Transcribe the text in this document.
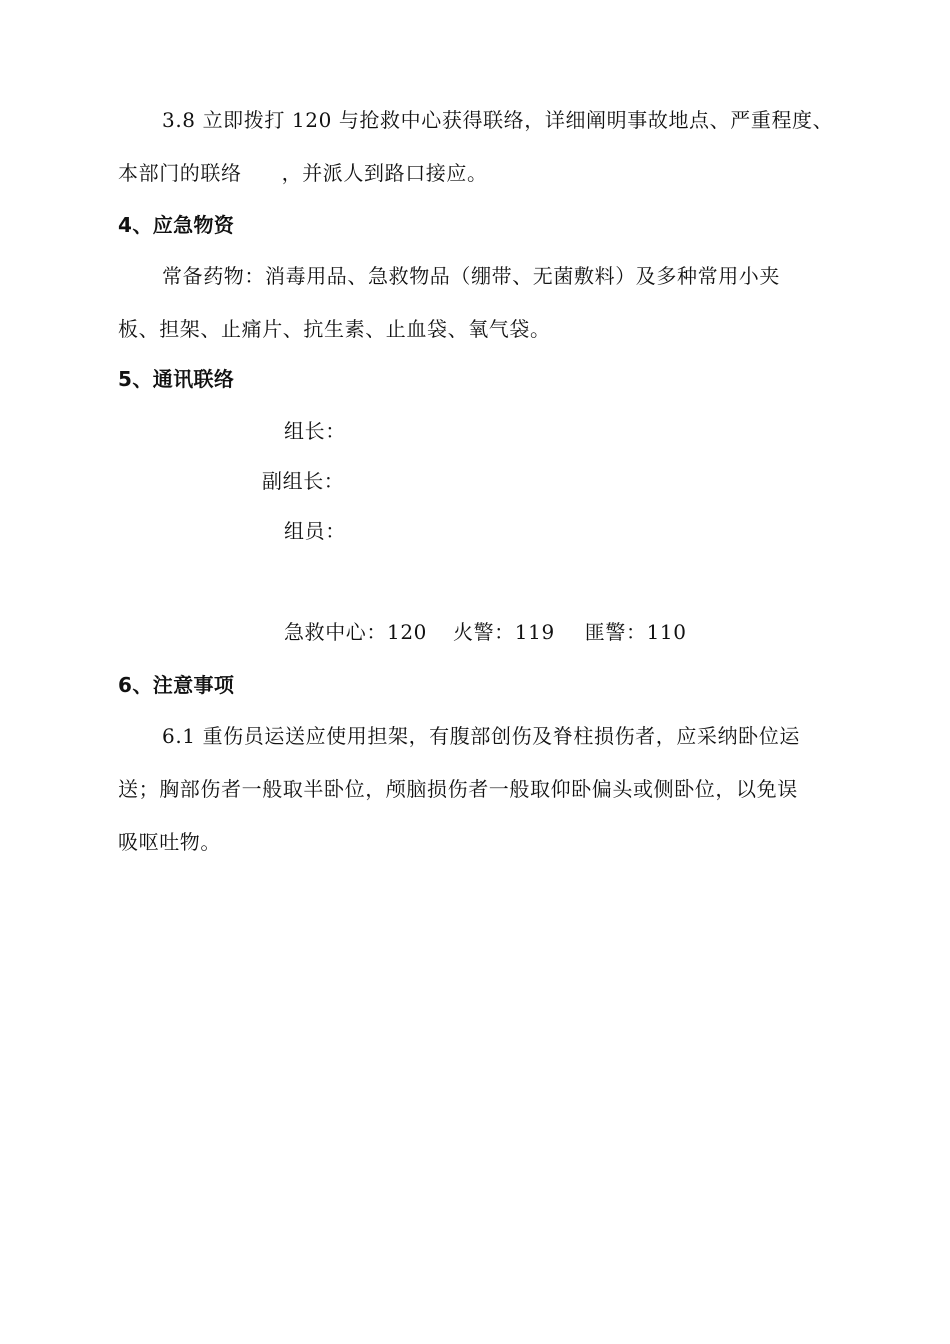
3.8 立即拨打 120 与抢救中心获得联络，详细阐明事故地点、严重程度、
本部门的联络 ，并派人到路口接应。
4、应急物资
常备药物：消毒用品、急救物品（绷带、无菌敷料）及多种常用小夹
板、担架、止痛片、抗生素、止血袋、氧气袋。
5、通讯联络
组长：
副组长：
组员：
急救中心：120 火警：119 匪警：110
6、注意事项
6.1 重伤员运送应使用担架，有腹部创伤及脊柱损伤者，应采纳卧位运
送；胸部伤者一般取半卧位，颅脑损伤者一般取仰卧偏头或侧卧位，以免误
吸呕吐物。
